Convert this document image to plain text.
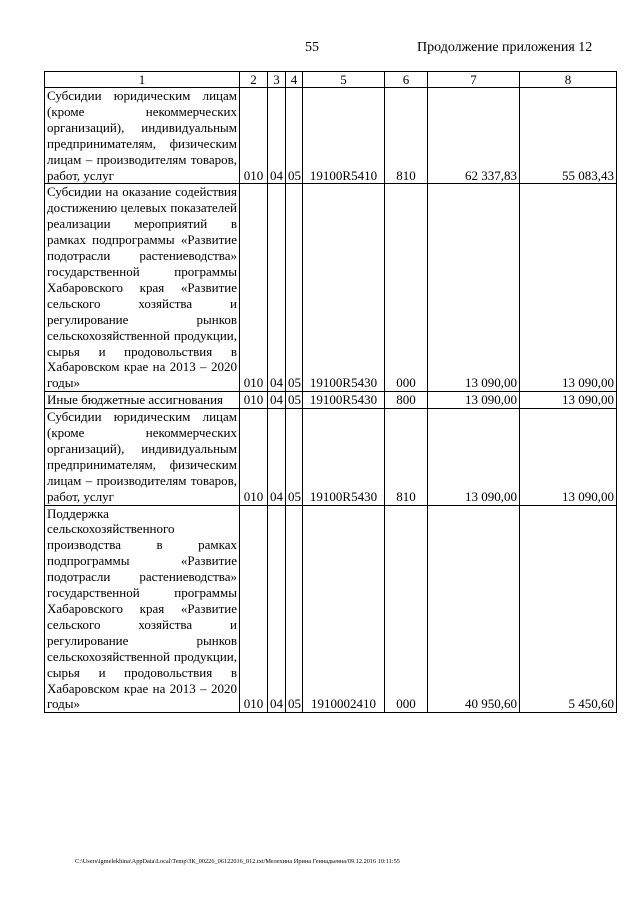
55	Продолжение приложения 12
1	2	3	4	5	6	7	8

Субсидии юридическим лицам (кроме некоммерческих организаций), индивидуальным предпринимателям, физическим лицам – производителям товаров, работ, услуг	010	04	05	19100R5410	810	62 337,83	55 083,43

Субсидии на оказание содействия достижению целевых показателей реализации мероприятий в рамках подпрограммы «Развитие подотрасли растениеводства» государственной программы Хабаровского края «Развитие сельского хозяйства и регулирование рынков сельскохозяйственной продукции, сырья и продовольствия в Хабаровском крае на 2013 – 2020 годы»	010	04	05	19100R5430	000	13 090,00	13 090,00

Иные бюджетные ассигнования	010	04	05	19100R5430	800	13 090,00	13 090,00

Субсидии юридическим лицам (кроме некоммерческих организаций), индивидуальным предпринимателям, физическим лицам – производителям товаров, работ, услуг	010	04	05	19100R5430	810	13 090,00	13 090,00

Поддержка сельскохозяйственного производства в рамках подпрограммы «Развитие подотрасли растениеводства» государственной программы Хабаровского края «Развитие сельского хозяйства и регулирование рынков сельскохозяйственной продукции, сырья и продовольствия в Хабаровском крае на 2013 – 2020 годы»	010	04	05	1910002410	000	40 950,60	5 450,60
C:\Users\igmelekhina\AppData\Local\Temp\ЗК_00226_06122016_012.txt/Мелехина Ирина Геннадьевна/09.12.2016 10:11:55
